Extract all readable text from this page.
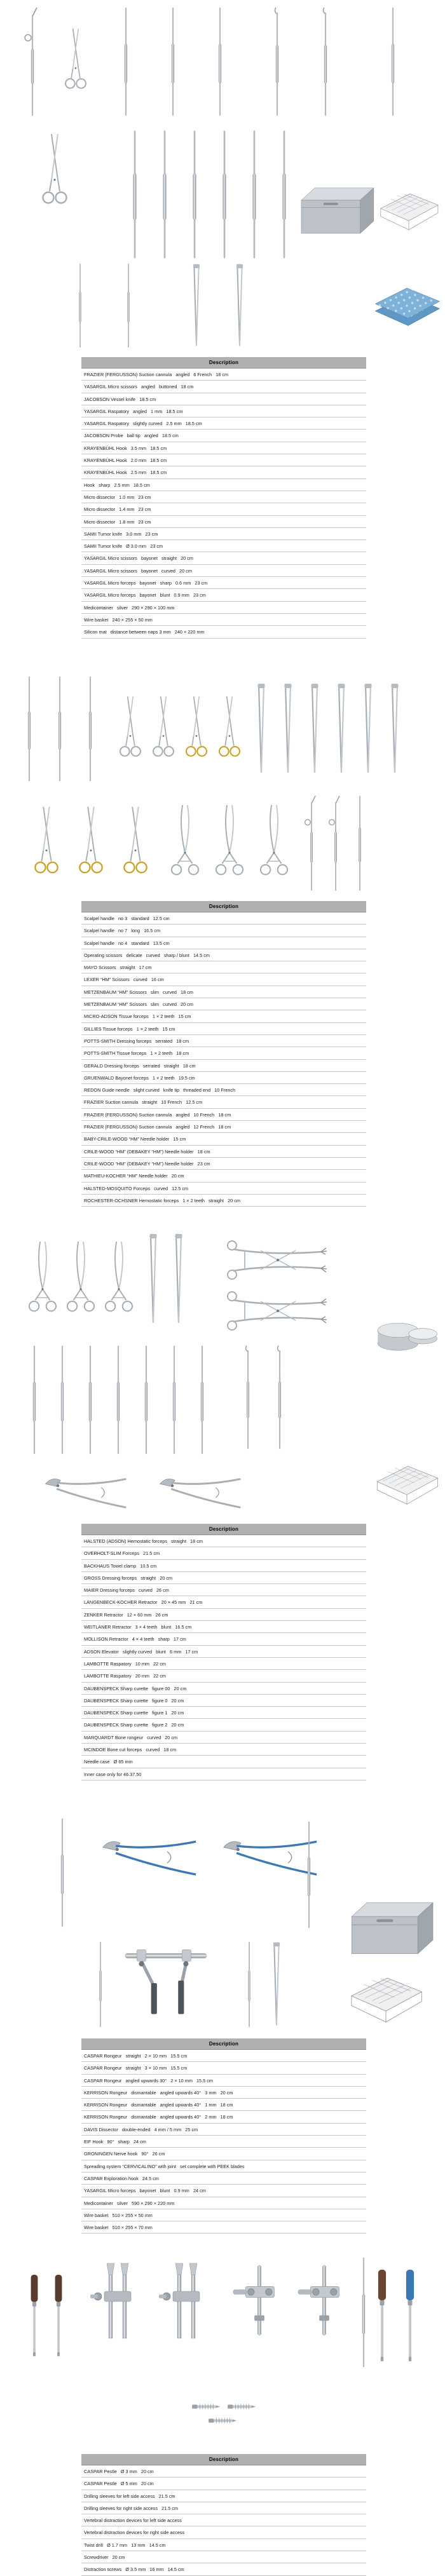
Description
FRAZIER (FERGUSSON) Suction cannula   angled   6 French   18 cm
YASARGIL Micro scissors   angled   buttoned   18 cm
JACOBSON Vessel knife   18.5 cm
YASARGIL Raspatory   angled   1 mm   18.5 cm
YASARGIL Raspatory   slightly curved   2.5 mm   18.5 cm
JACOBSON Probe   ball tip   angled   18.5 cm
KRAYENBÜHL Hook   3.5 mm   18.5 cm
KRAYENBÜHL Hook   2.0 mm   18.5 cm
KRAYENBÜHL Hook   2.5 mm   18.5 cm
Hook   sharp   2.5 mm   18.5 cm
Micro dissector   1.0 mm   23 cm
Micro dissector   1.4 mm   23 cm
Micro dissector   1.8 mm   23 cm
SAMII Tumor knife   3.0 mm   23 cm
SAMII Tumor knife   Ø 3.0 mm   23 cm
YASARGIL Micro scissors   bayonet   straight   20 cm
YASARGIL Micro scissors   bayonet   curved   20 cm
YASARGIL Micro forceps   bayonet   sharp   0.6 mm   23 cm
YASARGIL Micro forceps   bayonet   blunt   0.9 mm   23 cm
Medicontainer   silver   290 × 290 × 100 mm
Wire basket   240 × 255 × 50 mm
Silicon mat   distance between naps 3 mm   240 × 220 mm
Description
Scalpel handle   no 3   standard   12.5 cm
Scalpel handle   no 7   long   16.5 cm
Scalpel handle   no 4   standard   13.5 cm
Operating scissors   delicate   curved   sharp / blunt   14.5 cm
MAYO Scissors   straight   17 cm
LEXER “HM” Scissors   curved   16 cm
METZENBAUM “HM” Scissors   slim   curved   18 cm
METZENBAUM “HM” Scissors   slim   curved   20 cm
MICRO-ADSON Tissue forceps   1 × 2 teeth   15 cm
GILLIES Tissue forceps   1 × 2 teeth   15 cm
POTTS-SMITH Dressing forceps   serrated   18 cm
POTTS-SMITH Tissue forceps   1 × 2 teeth   18 cm
GERALD Dressing forceps   serrated   straight   18 cm
GRUENWALD Bayonet forceps   1 × 2 teeth   19.5 cm
REDON Guide needle   slight curved   knife tip   threaded end   10 French
FRAZIER Suction cannula   straight   10 French   12.5 cm
FRAZIER (FERGUSSON) Suction cannula   angled   10 French   18 cm
FRAZIER (FERGUSSON) Suction cannula   angled   12 French   18 cm
BABY-CRILE-WOOD “HM” Needle holder   15 cm
CRILE-WOOD “HM” (DEBAKEY “HM”) Needle holder   18 cm
CRILE-WOOD “HM” (DEBAKEY “HM”) Needle holder   23 cm
MATHIEU-KOCHER “HM” Needle holder   20 cm
HALSTED-MOSQUITO Forceps   curved   12.5 cm
ROCHESTER-OCHSNER Hemostatic forceps   1 × 2 teeth   straight   20 cm
Description
HALSTED (ADSON) Hemostatic forceps   straight   18 cm
OVERHOLT-SLIM Forceps   21.5 cm
BACKHAUS Towel clamp   10.5 cm
GROSS Dressing forceps   straight   20 cm
MAIER Dressing forceps   curved   26 cm
LANGENBECK-KOCHER Retractor   20 × 45 mm   21 cm
ZENKER Retractor   12 × 60 mm   26 cm
WEITLANER Retractor   3 × 4 teeth   blunt   16.5 cm
MOLLISON Retractor   4 × 4 teeth   sharp   17 cm
ADSON Elevator   slightly curved   blunt   6 mm   17 cm
LAMBOTTE Raspatory   10 mm   22 cm
LAMBOTTE Raspatory   20 mm   22 cm
DAUBENSPECK Sharp curette   figure 00   20 cm
DAUBENSPECK Sharp curette   figure 0   20 cm
DAUBENSPECK Sharp curette   figure 1   20 cm
DAUBENSPECK Sharp curette   figure 2   20 cm
MARQUARDT Bone rongeur   curved   20 cm
MCINDOE Bone cut forceps   curved   18 cm
Needle case   Ø 65 mm
Inner case only for 46.37.50
Description
CASPAR Rongeur   straight   2 × 10 mm   15.5 cm
CASPAR Rongeur   straight   3 × 10 mm   15.5 cm
CASPAR Rongeur   angled upwards 30°   2 × 10 mm   15.5 cm
KERRISON Rongeur   dismantable   angled upwards 40°   3 mm   20 cm
KERRISON Rongeur   dismantable   angled upwards 40°   1 mm   18 cm
KERRISON Rongeur   dismantable   angled upwards 40°   2 mm   18 cm
DAVIS Dissector   double-ended   4 mm / 5 mm   25 cm
EIF Hook   90°   sharp   24 cm
GRONINGEN Nerve hook   90°   26 cm
Spreading system “CERVICALINO” with joint   set complete with PEEK blades
CASPAR Exploration hook   24.5 cm
YASARGIL Micro forceps   bayonet   blunt   0.9 mm   24 cm
Medicontainer   silver   590 × 290 × 220 mm
Wire basket   510 × 255 × 50 mm
Wire basket   510 × 255 × 70 mm
Description
CASPAR Pestle   Ø 3 mm   20 cm
CASPAR Pestle   Ø 5 mm   20 cm
Drilling sleeves for left side access   21.5 cm
Drilling sleeves for right side access   21.5 cm
Vertebral distraction devices for left side access
Vertebral distraction devices for right side access
Twist drill   Ø 1.7 mm   13 mm   14.5 cm
Screwdriver   20 cm
Distraction screws   Ø 3.5 mm   16 mm   14.5 cm
